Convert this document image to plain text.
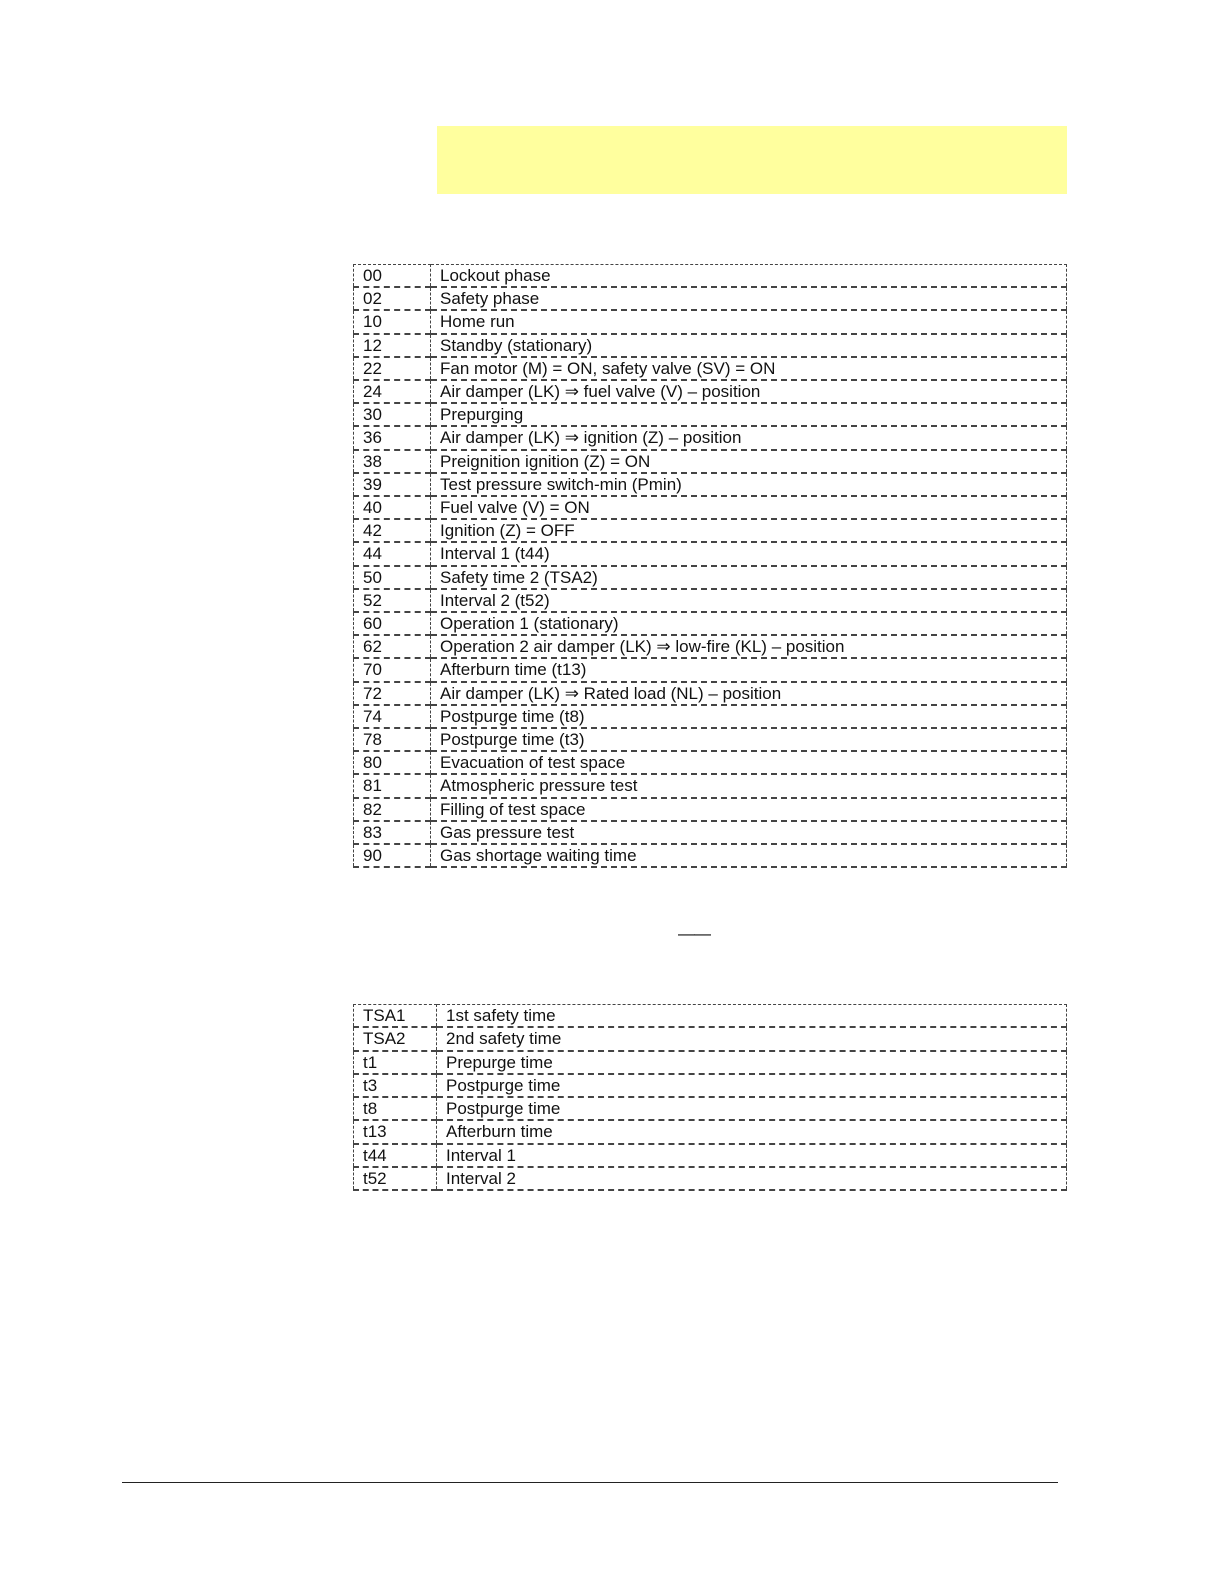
00	Lockout phase
02	Safety phase
10	Home run
12	Standby (stationary)
22	Fan motor (M) = ON, safety valve (SV) = ON
24	Air damper (LK) ⇒ fuel valve (V) – position
30	Prepurging
36	Air damper (LK) ⇒ ignition (Z) – position
38	Preignition ignition (Z) = ON
39	Test pressure switch-min (Pmin)
40	Fuel valve (V) = ON
42	Ignition (Z) = OFF
44	Interval 1 (t44)
50	Safety time 2 (TSA2)
52	Interval 2 (t52)
60	Operation 1 (stationary)
62	Operation 2 air damper (LK) ⇒ low-fire (KL) – position
70	Afterburn time (t13)
72	Air damper (LK) ⇒ Rated load (NL) – position
74	Postpurge time (t8)
78	Postpurge time (t3)
80	Evacuation of test space
81	Atmospheric pressure test
82	Filling of test space
83	Gas pressure test
90	Gas shortage waiting time
——
TSA1	1st safety time
TSA2	2nd safety time
t1	Prepurge time
t3	Postpurge time
t8	Postpurge time
t13	Afterburn time
t44	Interval 1
t52	Interval 2
